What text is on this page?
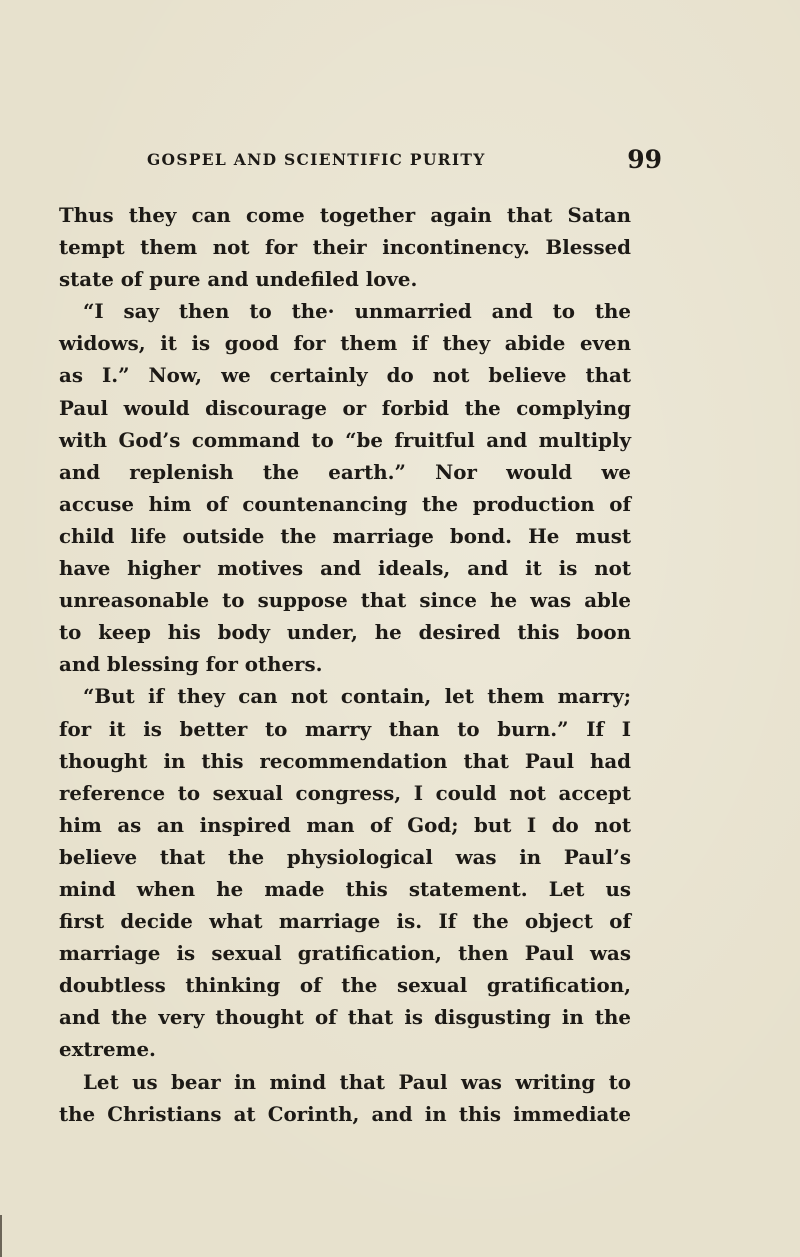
GOSPEL AND SCIENTIFIC PURITY	99
Thus they can come together again that Satan
tempt them not for their incontinency. Blessed
state of pure and undefiled love.
“I say then to the· unmarried and to the
widows, it is good for them if they abide even
as I.” Now, we certainly do not believe that
Paul would discourage or forbid the complying
with God’s command to “be fruitful and multiply
and replenish the earth.” Nor would we
accuse him of countenancing the production of
child life outside the marriage bond. He must
have higher motives and ideals, and it is not
unreasonable to suppose that since he was able
to keep his body under, he desired this boon
and blessing for others.
“But if they can not contain, let them marry;
for it is better to marry than to burn.” If I
thought in this recommendation that Paul had
reference to sexual congress, I could not accept
him as an inspired man of God; but I do not
believe that the physiological was in Paul’s
mind when he made this statement. Let us
first decide what marriage is. If the object of
marriage is sexual gratification, then Paul was
doubtless thinking of the sexual gratification,
and the very thought of that is disgusting in the
extreme.
Let us bear in mind that Paul was writing to
the Christians at Corinth, and in this immediate
